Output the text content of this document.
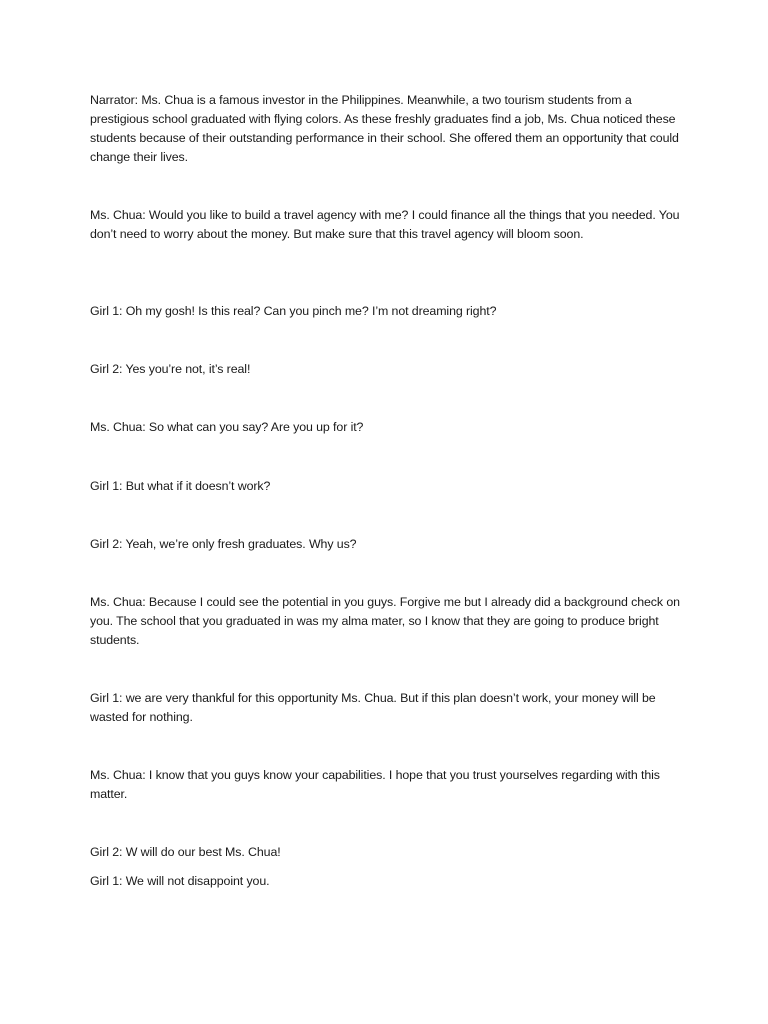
Narrator: Ms. Chua is a famous investor in the Philippines. Meanwhile, a two tourism students from a prestigious school graduated with flying colors. As these freshly graduates find a job, Ms. Chua noticed these students because of their outstanding performance in their school. She offered them an opportunity that could change their lives.

Ms. Chua: Would you like to build a travel agency with me? I could finance all the things that you needed. You don’t need to worry about the money. But make sure that this travel agency will bloom soon.

Girl 1: Oh my gosh! Is this real? Can you pinch me? I’m not dreaming right?

Girl 2: Yes you’re not, it’s real!

Ms. Chua: So what can you say? Are you up for it?

Girl 1: But what if it doesn’t work?

Girl 2: Yeah, we’re only fresh graduates. Why us?

Ms. Chua: Because I could see the potential in you guys. Forgive me but I already did a background check on you. The school that you graduated in was my alma mater, so I know that they are going to produce bright students.

Girl 1: we are very thankful for this opportunity Ms. Chua. But if this plan doesn’t work, your money will be wasted for nothing.

Ms. Chua: I know that you guys know your capabilities. I hope that you trust yourselves regarding with this matter.

Girl 2: W will do our best Ms. Chua!

Girl 1: We will not disappoint you.
